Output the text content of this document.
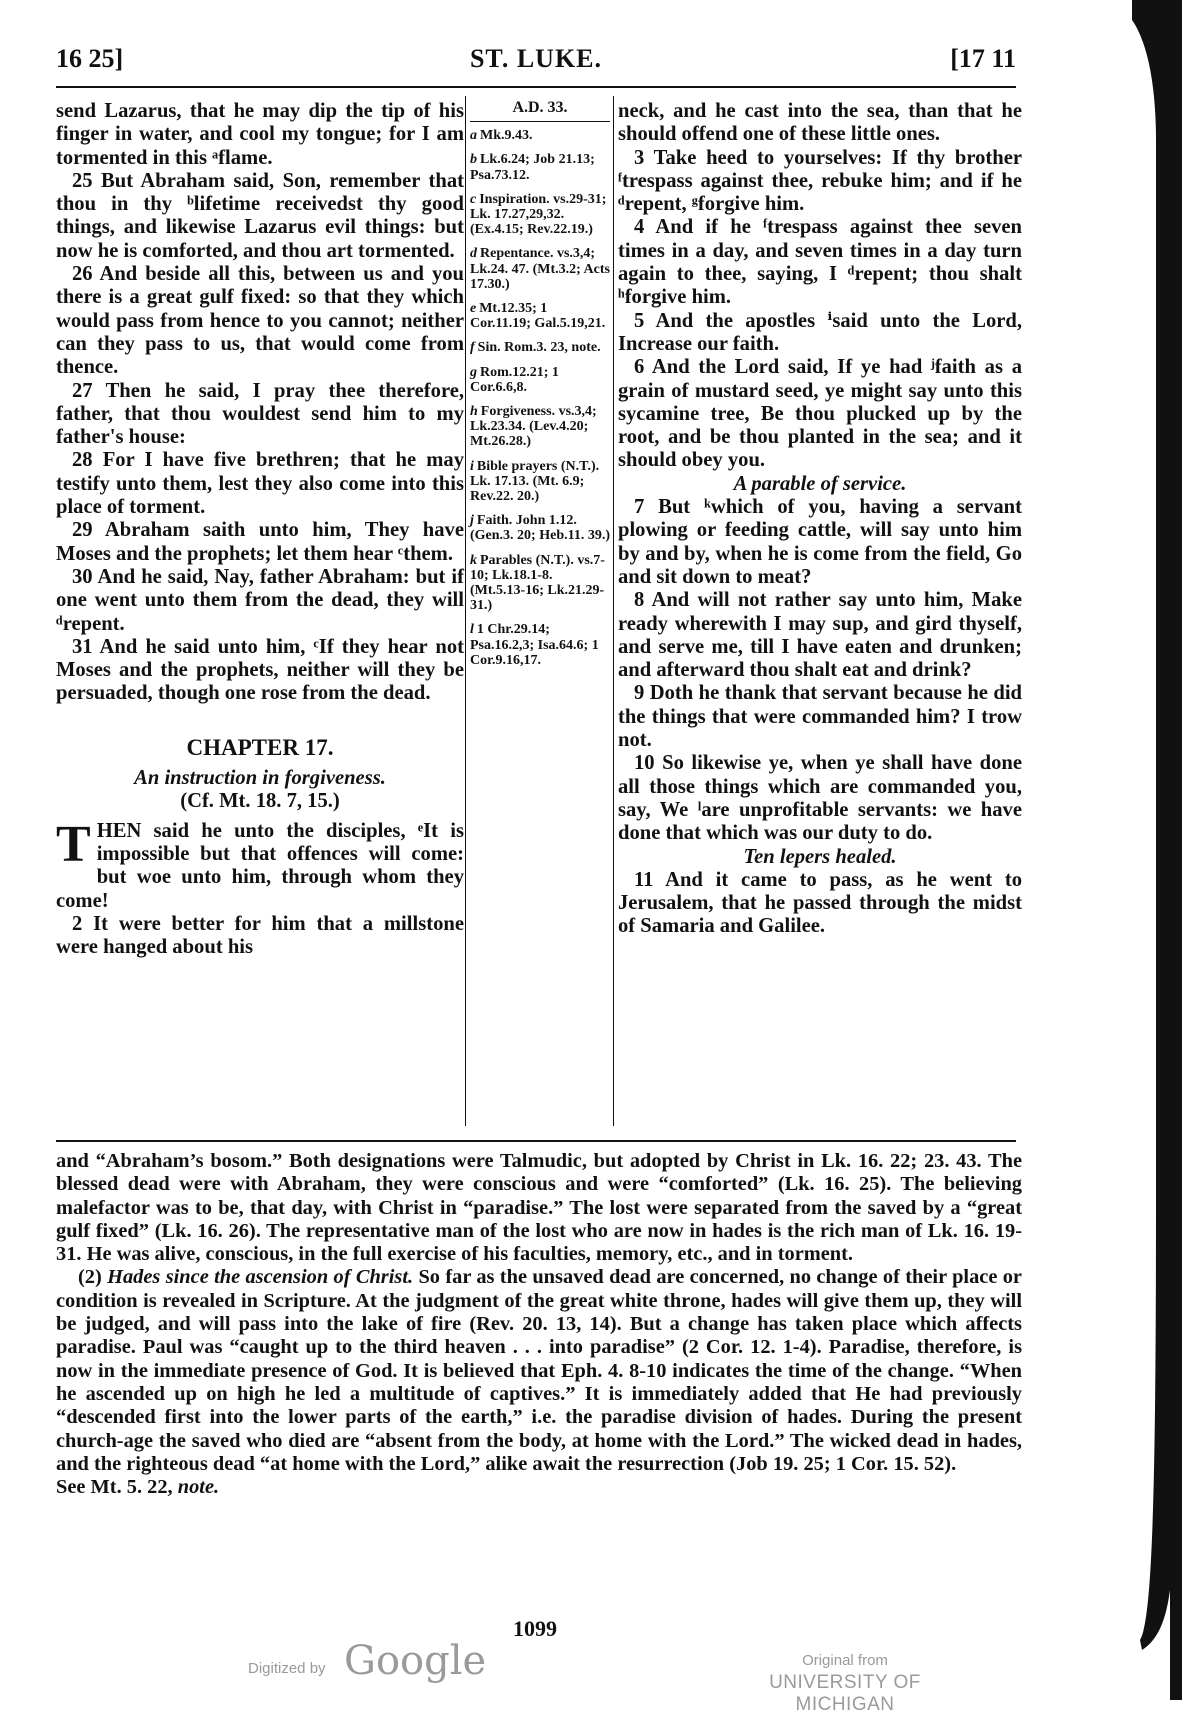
16 25]	ST. LUKE.	[17 11

send Lazarus, that he may dip the tip of his finger in water, and cool my tongue; for I am tormented in this ᵃflame.

25 But Abraham said, Son, remember that thou in thy ᵇlifetime receivedst thy good things, and likewise Lazarus evil things: but now he is comforted, and thou art tormented.

26 And beside all this, between us and you there is a great gulf fixed: so that they which would pass from hence to you cannot; neither can they pass to us, that would come from thence.

27 Then he said, I pray thee therefore, father, that thou wouldest send him to my father's house:

28 For I have five brethren; that he may testify unto them, lest they also come into this place of torment.

29 Abraham saith unto him, They have Moses and the prophets; let them hear ᶜthem.

30 And he said, Nay, father Abraham: but if one went unto them from the dead, they will ᵈrepent.

31 And he said unto him, ᶜIf they hear not Moses and the prophets, neither will they be persuaded, though one rose from the dead.

CHAPTER 17.

An instruction in forgiveness.

(Cf. Mt. 18. 7, 15.)

THEN said he unto the disciples, ᵉIt is impossible but that offences will come: but woe unto him, through whom they come!

2 It were better for him that a millstone were hanged about his

A.D. 33.
a Mk.9.43.
b Lk.6.24; Job 21.13; Psa.73.12.
c Inspiration. vs.29-31; Lk. 17.27,29,32. (Ex.4.15; Rev.22.19.)
d Repentance. vs.3,4; Lk.24. 47. (Mt.3.2; Acts 17.30.)
e Mt.12.35; 1 Cor.11.19; Gal.5.19,21.
f Sin. Rom.3. 23, note.
g Rom.12.21; 1 Cor.6.6,8.
h Forgiveness. vs.3,4; Lk.23.34. (Lev.4.20; Mt.26.28.)
i Bible prayers (N.T.). Lk. 17.13. (Mt. 6.9; Rev.22. 20.)
j Faith. John 1.12. (Gen.3. 20; Heb.11. 39.)
k Parables (N.T.). vs.7-10; Lk.18.1-8. (Mt.5.13-16; Lk.21.29-31.)
l 1 Chr.29.14; Psa.16.2,3; Isa.64.6; 1 Cor.9.16,17.

neck, and he cast into the sea, than that he should offend one of these little ones.

3 Take heed to yourselves: If thy brother ᶠtrespass against thee, rebuke him; and if he ᵈrepent, ᵍforgive him.

4 And if he ᶠtrespass against thee seven times in a day, and seven times in a day turn again to thee, saying, I ᵈrepent; thou shalt ʰforgive him.

5 And the apostles ⁱsaid unto the Lord, Increase our faith.

6 And the Lord said, If ye had ʲfaith as a grain of mustard seed, ye might say unto this sycamine tree, Be thou plucked up by the root, and be thou planted in the sea; and it should obey you.

A parable of service.

7 But ᵏwhich of you, having a servant plowing or feeding cattle, will say unto him by and by, when he is come from the field, Go and sit down to meat?

8 And will not rather say unto him, Make ready wherewith I may sup, and gird thyself, and serve me, till I have eaten and drunken; and afterward thou shalt eat and drink?

9 Doth he thank that servant because he did the things that were commanded him? I trow not.

10 So likewise ye, when ye shall have done all those things which are commanded you, say, We ˡare unprofitable servants: we have done that which was our duty to do.

Ten lepers healed.

11 And it came to pass, as he went to Jerusalem, that he passed through the midst of Samaria and Galilee.

and “Abraham’s bosom.” Both designations were Talmudic, but adopted by Christ in Lk. 16. 22; 23. 43. The blessed dead were with Abraham, they were conscious and were “comforted” (Lk. 16. 25). The believing malefactor was to be, that day, with Christ in “paradise.” The lost were separated from the saved by a “great gulf fixed” (Lk. 16. 26). The representative man of the lost who are now in hades is the rich man of Lk. 16. 19-31. He was alive, conscious, in the full exercise of his faculties, memory, etc., and in torment.

(2) Hades since the ascension of Christ. So far as the unsaved dead are concerned, no change of their place or condition is revealed in Scripture. At the judgment of the great white throne, hades will give them up, they will be judged, and will pass into the lake of fire (Rev. 20. 13, 14). But a change has taken place which affects paradise. Paul was “caught up to the third heaven . . . into paradise” (2 Cor. 12. 1-4). Paradise, therefore, is now in the immediate presence of God. It is believed that Eph. 4. 8-10 indicates the time of the change. “When he ascended up on high he led a multitude of captives.” It is immediately added that He had previously “descended first into the lower parts of the earth,” i.e. the paradise division of hades. During the present church-age the saved who died are “absent from the body, at home with the Lord.” The wicked dead in hades, and the righteous dead “at home with the Lord,” alike await the resurrection (Job 19. 25; 1 Cor. 15. 52).

See Mt. 5. 22, note.

1099
Digitized by Google	Original from
UNIVERSITY OF MICHIGAN
